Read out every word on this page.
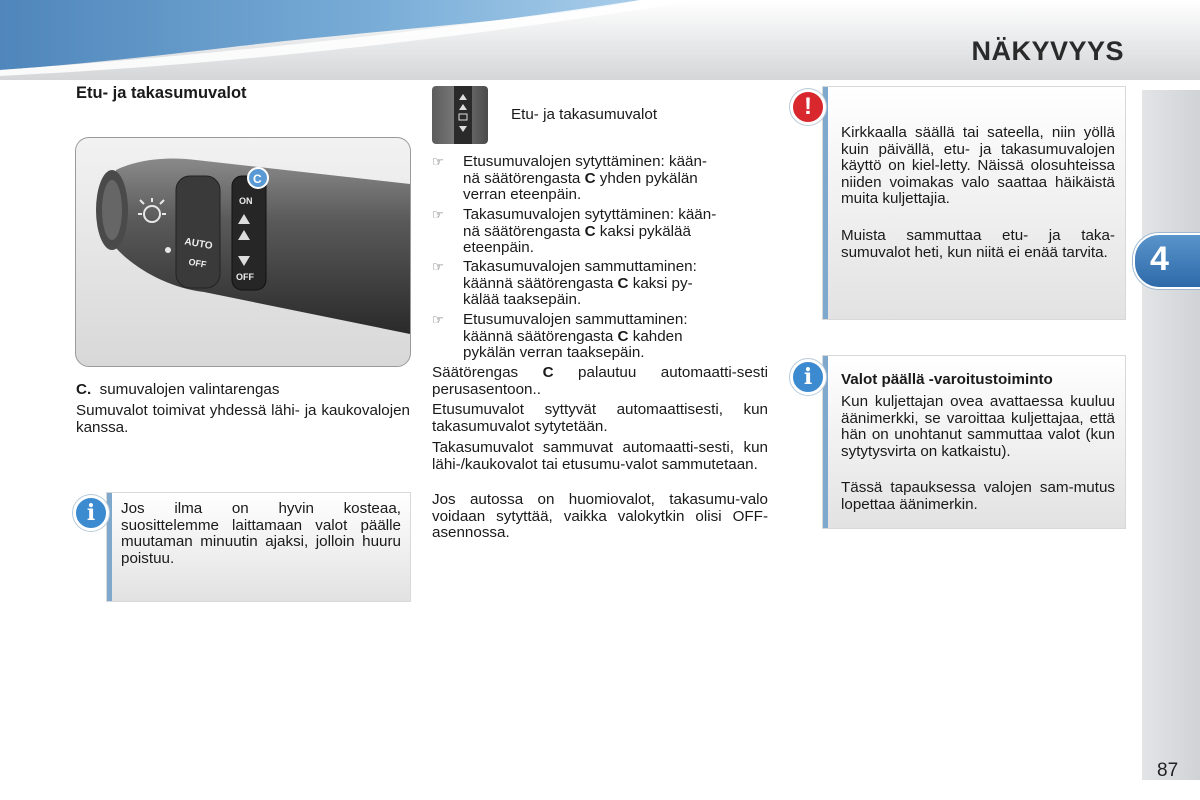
NÄKYVYYS
4
Etu- ja takasumuvalot
AUTO
OFF
ON
OFF
C
C. sumuvalojen valintarengas
Sumuvalot toimivat yhdessä lähi- ja kaukovalojen kanssa.
Jos ilma on hyvin kosteaa, suosittelemme laittamaan valot päälle muutaman minuutin ajaksi, jolloin huuru poistuu.
i
Etu- ja takasumuvalot
☞ Etusumuvalojen sytyttäminen: kään-
nä säätörengasta C yhden pykälän
verran eteenpäin.
☞ Takasumuvalojen sytyttäminen: kään-
nä säätörengasta C kaksi pykälää
eteenpäin.
☞ Takasumuvalojen sammuttaminen:
käännä säätörengasta C kaksi py-
kälää taaksepäin.
☞ Etusumuvalojen sammuttaminen:
käännä säätörengasta C kahden
pykälän verran taaksepäin.
Säätörengas C palautuu automaatti-sesti perusasentoon..
Etusumuvalot syttyvät automaattisesti, kun takasumuvalot sytytetään.
Takasumuvalot sammuvat automaatti-sesti, kun lähi-/kaukovalot tai etusumu-valot sammutetaan.
Jos autossa on huomiovalot, takasumu-valo voidaan sytyttää, vaikka valokytkin olisi OFF-asennossa.
Kirkkaalla säällä tai sateella, niin yöllä kuin päivällä, etu- ja takasumuvalojen käyttö on kiel-letty. Näissä olosuhteissa niiden voimakas valo saattaa häikäistä muita kuljettajia.
Muista sammuttaa etu- ja taka-sumuvalot heti, kun niitä ei enää tarvita.
!
Valot päällä -varoitustoiminto
Kun kuljettajan ovea avattaessa kuuluu äänimerkki, se varoittaa kuljettajaa, että hän on unohtanut sammuttaa valot (kun sytytysvirta on katkaistu).
Tässä tapauksessa valojen sam-mutus lopettaa äänimerkin.
i
87
